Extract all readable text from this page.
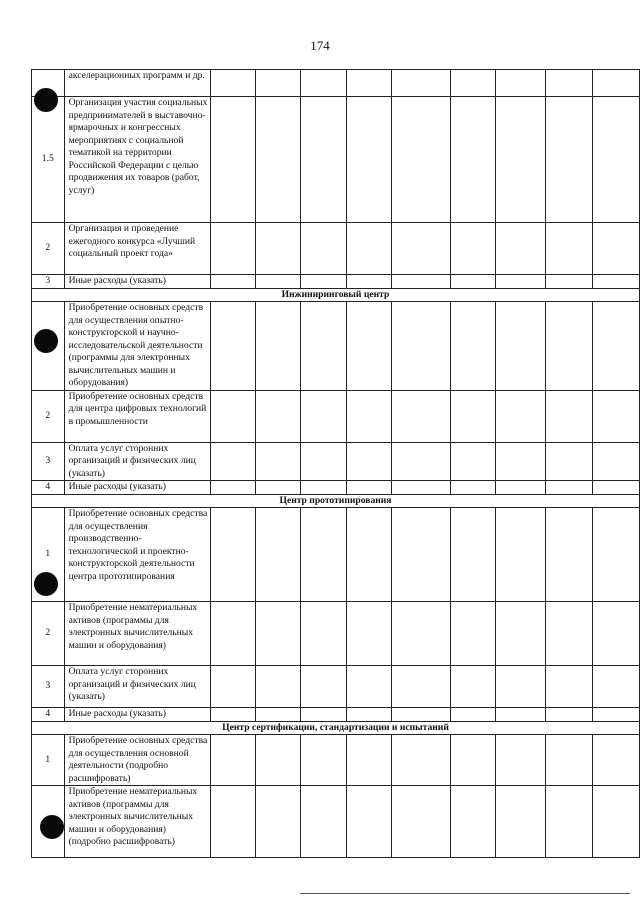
174
	акселерационных программ и др.									
1.5	Организация участия социальных предпринимателей в выставочно-ярмарочных и конгрессных мероприятиях с социальной тематикой на территории Российской Федерации с целью продвижения их товаров (работ, услуг)									
2	Организация и проведение ежегодного конкурса «Лучший социальный проект года»									
3	Иные расходы (указать)									
Инжиниринговый центр										
	Приобретение основных средств для осуществления опытно-конструкторской и научно-исследовательской деятельности (программы для электронных вычислительных машин и оборудования)									
2	Приобретение основных средств для центра цифровых технологий в промышленности									
3	Оплата услуг сторонних организаций и физических лиц (указать)									
4	Иные расходы (указать)									
Центр прототипирования										
1	Приобретение основных средства для осуществления производственно-технологической и проектно-конструкторской деятельности центра прототипирования									
2	Приобретение нематериальных активов (программы для электронных вычислительных машин и оборудования)									
3	Оплата услуг сторонних организаций и физических лиц (указать)									
4	Иные расходы (указать)									
Центр сертификации, стандартизации и испытаний										
1	Приобретение основных средства для осуществления основной деятельности (подробно расшифровать)									
	Приобретение нематериальных активов (программы для электронных вычислительных машин и оборудования) (подробно расшифровать)									
